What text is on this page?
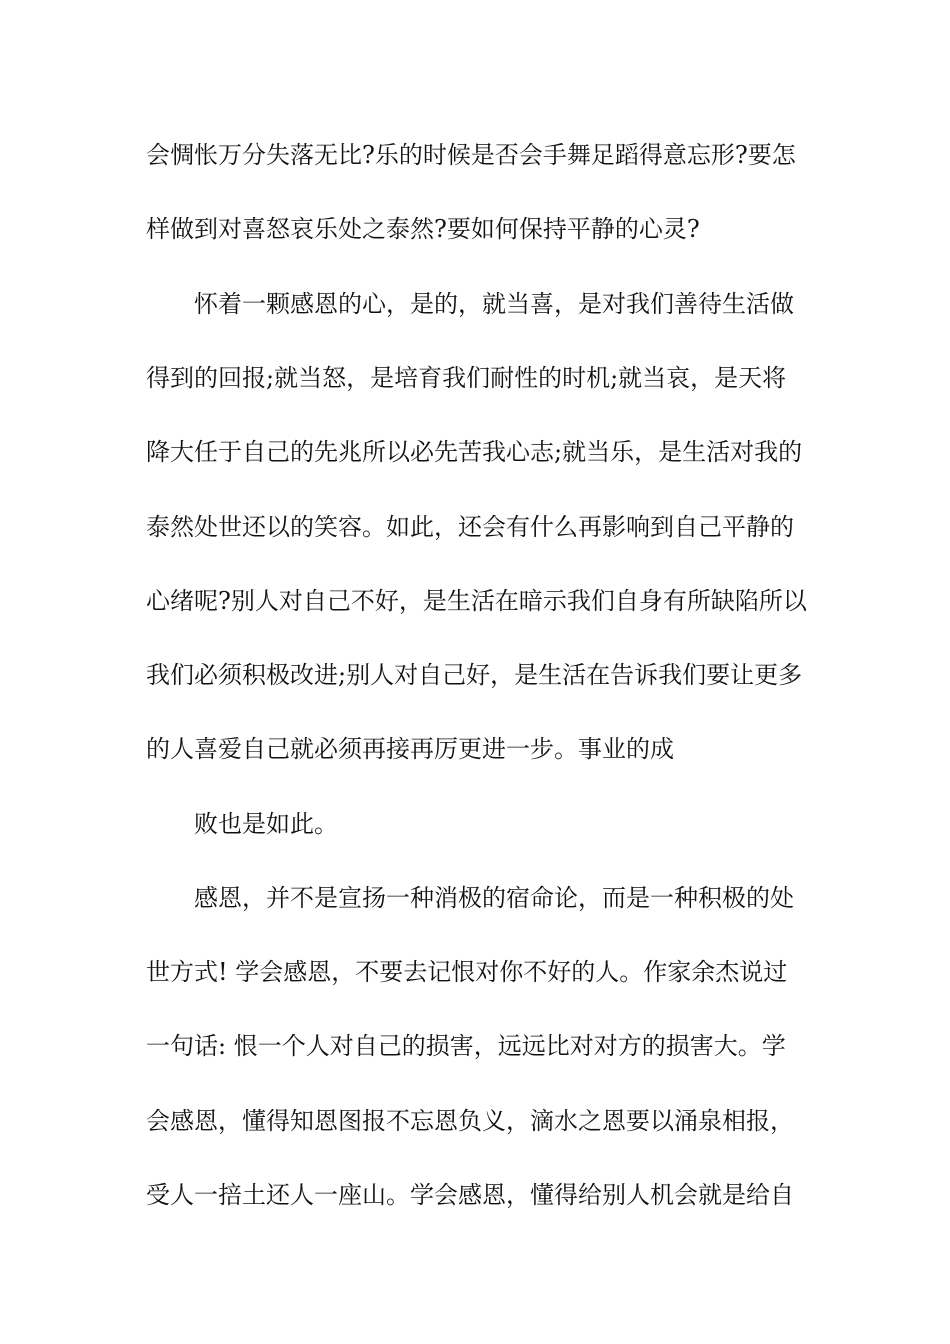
会惆怅万分失落无比?乐的时候是否会手舞足蹈得意忘形?要怎
样做到对喜怒哀乐处之泰然?要如何保持平静的心灵?
怀着一颗感恩的心，是的，就当喜，是对我们善待生活做
得到的回报;就当怒，是培育我们耐性的时机;就当哀，是天将
降大任于自己的先兆所以必先苦我心志;就当乐，是生活对我的
泰然处世还以的笑容。如此，还会有什么再影响到自己平静的
心绪呢?别人对自己不好，是生活在暗示我们自身有所缺陷所以
我们必须积极改进;别人对自己好，是生活在告诉我们要让更多
的人喜爱自己就必须再接再厉更进一步。事业的成
败也是如此。
感恩，并不是宣扬一种消极的宿命论，而是一种积极的处
世方式! 学会感恩，不要去记恨对你不好的人。作家余杰说过
一句话: 恨一个人对自己的损害，远远比对对方的损害大。学
会感恩，懂得知恩图报不忘恩负义，滴水之恩要以涌泉相报，
受人一掊土还人一座山。学会感恩，懂得给别人机会就是给自
